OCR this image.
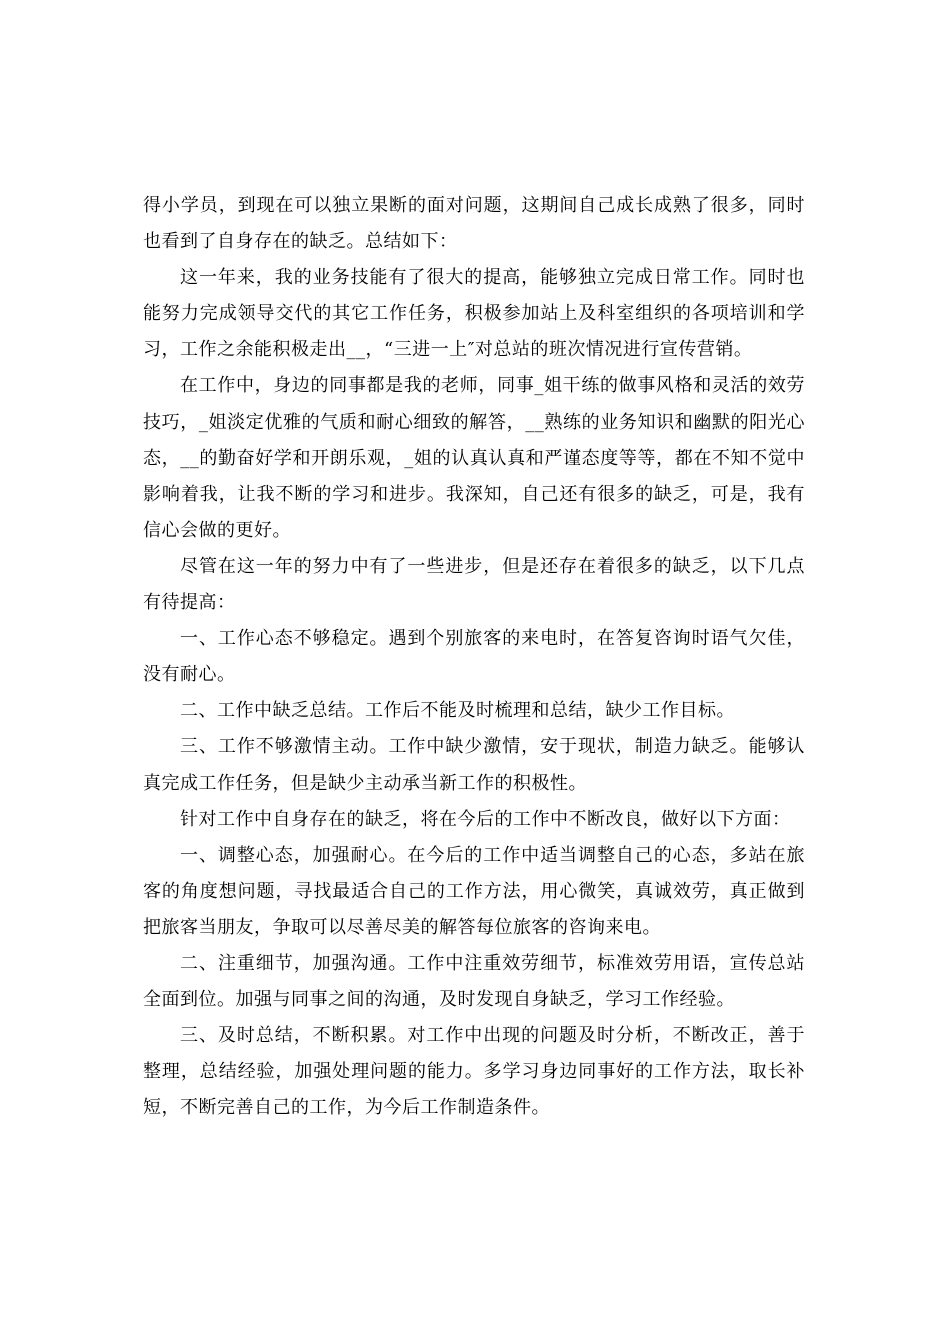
得小学员，到现在可以独立果断的面对问题，这期间自己成长成熟了很多，同时也看到了自身存在的缺乏。总结如下：

这一年来，我的业务技能有了很大的提高，能够独立完成日常工作。同时也能努力完成领导交代的其它工作任务，积极参加站上及科室组织的各项培训和学习，工作之余能积极走出__，“三进一上″对总站的班次情况进行宣传营销。

在工作中，身边的同事都是我的老师，同事_姐干练的做事风格和灵活的效劳技巧，_姐淡定优雅的气质和耐心细致的解答，__熟练的业务知识和幽默的阳光心态，__的勤奋好学和开朗乐观，_姐的认真认真和严谨态度等等，都在不知不觉中影响着我，让我不断的学习和进步。我深知，自己还有很多的缺乏，可是，我有信心会做的更好。

尽管在这一年的努力中有了一些进步，但是还存在着很多的缺乏，以下几点有待提高：

一、工作心态不够稳定。遇到个别旅客的来电时，在答复咨询时语气欠佳，没有耐心。

二、工作中缺乏总结。工作后不能及时梳理和总结，缺少工作目标。

三、工作不够激情主动。工作中缺少激情，安于现状，制造力缺乏。能够认真完成工作任务，但是缺少主动承当新工作的积极性。

针对工作中自身存在的缺乏，将在今后的工作中不断改良，做好以下方面：

一、调整心态，加强耐心。在今后的工作中适当调整自己的心态，多站在旅客的角度想问题，寻找最适合自己的工作方法，用心微笑，真诚效劳，真正做到把旅客当朋友，争取可以尽善尽美的解答每位旅客的咨询来电。

二、注重细节，加强沟通。工作中注重效劳细节，标准效劳用语，宣传总站全面到位。加强与同事之间的沟通，及时发现自身缺乏，学习工作经验。

三、及时总结，不断积累。对工作中出现的问题及时分析，不断改正，善于整理，总结经验，加强处理问题的能力。多学习身边同事好的工作方法，取长补短，不断完善自己的工作，为今后工作制造条件。
